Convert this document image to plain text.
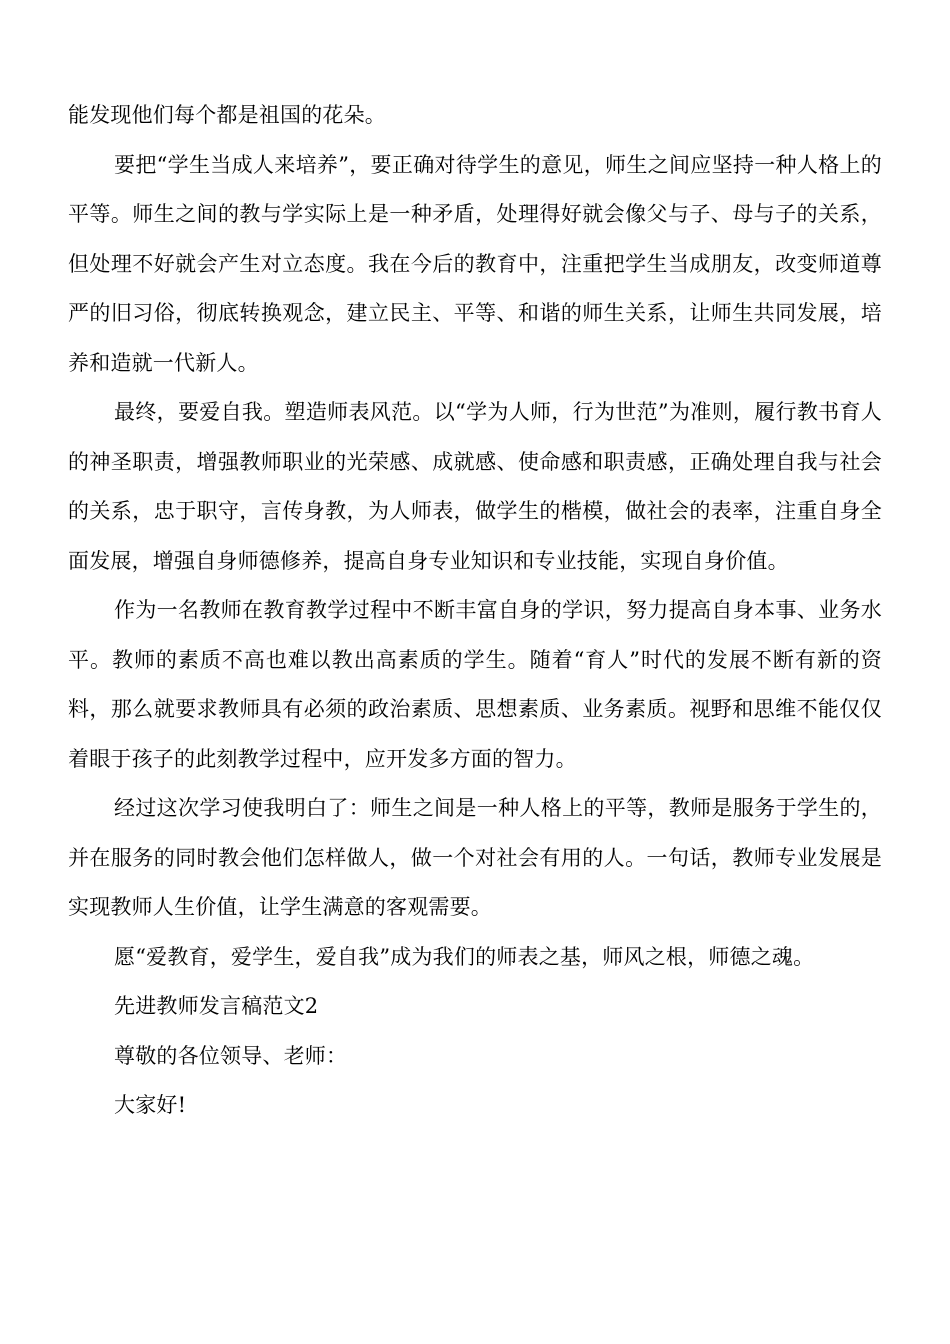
能发现他们每个都是祖国的花朵。

要把“学生当成人来培养”，要正确对待学生的意见，师生之间应坚持一种人格上的平等。师生之间的教与学实际上是一种矛盾，处理得好就会像父与子、母与子的关系，但处理不好就会产生对立态度。我在今后的教育中，注重把学生当成朋友，改变师道尊严的旧习俗，彻底转换观念，建立民主、平等、和谐的师生关系，让师生共同发展，培养和造就一代新人。

最终，要爱自我。塑造师表风范。以“学为人师，行为世范”为准则，履行教书育人的神圣职责，增强教师职业的光荣感、成就感、使命感和职责感，正确处理自我与社会的关系，忠于职守，言传身教，为人师表，做学生的楷模，做社会的表率，注重自身全面发展，增强自身师德修养，提高自身专业知识和专业技能，实现自身价值。

作为一名教师在教育教学过程中不断丰富自身的学识，努力提高自身本事、业务水平。教师的素质不高也难以教出高素质的学生。随着“育人”时代的发展不断有新的资料，那么就要求教师具有必须的政治素质、思想素质、业务素质。视野和思维不能仅仅着眼于孩子的此刻教学过程中，应开发多方面的智力。

经过这次学习使我明白了：师生之间是一种人格上的平等，教师是服务于学生的，并在服务的同时教会他们怎样做人，做一个对社会有用的人。一句话，教师专业发展是实现教师人生价值，让学生满意的客观需要。

愿“爱教育，爱学生，爱自我”成为我们的师表之基，师风之根，师德之魂。

先进教师发言稿范文2

尊敬的各位领导、老师：

大家好!
